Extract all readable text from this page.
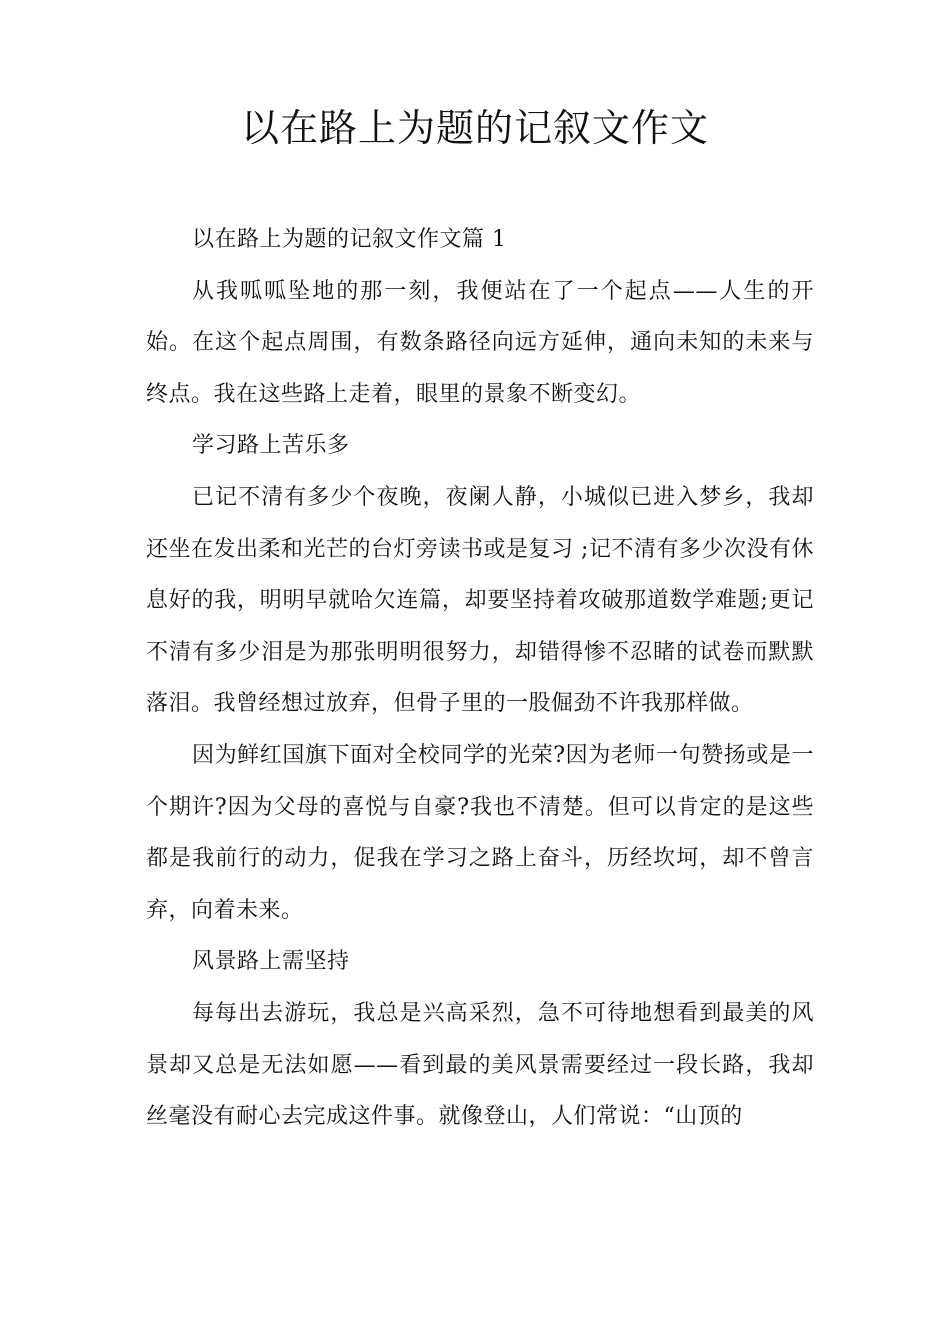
以在路上为题的记叙文作文

以在路上为题的记叙文作文篇 1

从我呱呱坠地的那一刻，我便站在了一个起点——人生的开始。在这个起点周围，有数条路径向远方延伸，通向未知的未来与终点。我在这些路上走着，眼里的景象不断变幻。

学习路上苦乐多

已记不清有多少个夜晚，夜阑人静，小城似已进入梦乡，我却还坐在发出柔和光芒的台灯旁读书或是复习 ;记不清有多少次没有休息好的我，明明早就哈欠连篇，却要坚持着攻破那道数学难题;更记不清有多少泪是为那张明明很努力，却错得惨不忍睹的试卷而默默落泪。我曾经想过放弃，但骨子里的一股倔劲不许我那样做。

因为鲜红国旗下面对全校同学的光荣?因为老师一句赞扬或是一个期许?因为父母的喜悦与自豪?我也不清楚。但可以肯定的是这些都是我前行的动力，促我在学习之路上奋斗，历经坎坷，却不曾言弃，向着未来。

风景路上需坚持

每每出去游玩，我总是兴高采烈，急不可待地想看到最美的风景却又总是无法如愿——看到最的美风景需要经过一段长路，我却丝毫没有耐心去完成这件事。就像登山，人们常说：“山顶的
